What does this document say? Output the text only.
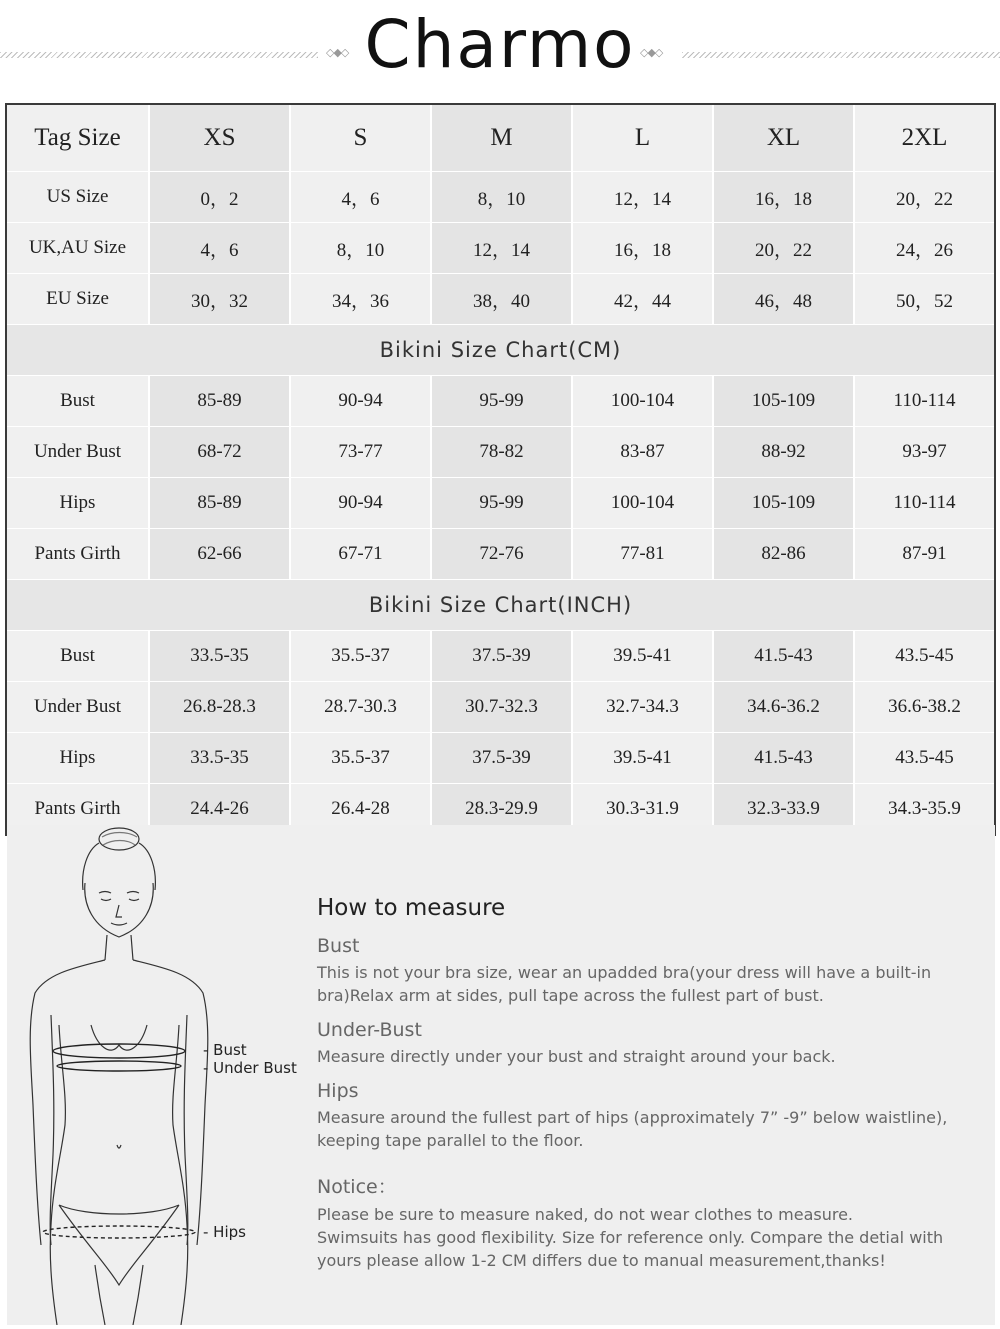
◇◆◇ Charmo ◇◆◇
Tag Size	XS	S	M	L	XL	2XL
US Size	0，2	4，6	8，10	12，14	16，18	20，22
UK,AU Size	4，6	8，10	12，14	16，18	20，22	24，26
EU Size	30，32	34，36	38，40	42，44	46，48	50，52
Bikini Size Chart(CM)
Bust	85-89	90-94	95-99	100-104	105-109	110-114
Under Bust	68-72	73-77	78-82	83-87	88-92	93-97
Hips	85-89	90-94	95-99	100-104	105-109	110-114
Pants Girth	62-66	67-71	72-76	77-81	82-86	87-91
Bikini Size Chart(INCH)
Bust	33.5-35	35.5-37	37.5-39	39.5-41	41.5-43	43.5-45
Under Bust	26.8-28.3	28.7-30.3	30.7-32.3	32.7-34.3	34.6-36.2	36.6-38.2
Hips	33.5-35	35.5-37	37.5-39	39.5-41	41.5-43	43.5-45
Pants Girth	24.4-26	26.4-28	28.3-29.9	30.3-31.9	32.3-33.9	34.3-35.9
- Bust
- Under Bust
- Hips
How to measure
Bust
This is not your bra size, wear an upadded bra(your dress will have a built-in
bra)Relax arm at sides, pull tape across the fullest part of bust.
Under-Bust
Measure directly under your bust and straight around your back.
Hips
Measure around the fullest part of hips (approximately 7” -9” below waistline),
keeping tape parallel to the floor.
Notice：
Please be sure to measure naked, do not wear clothes to measure.
Swimsuits has good flexibility. Size for reference only. Compare the detial with
yours please allow 1-2 CM differs due to manual measurement,thanks!
